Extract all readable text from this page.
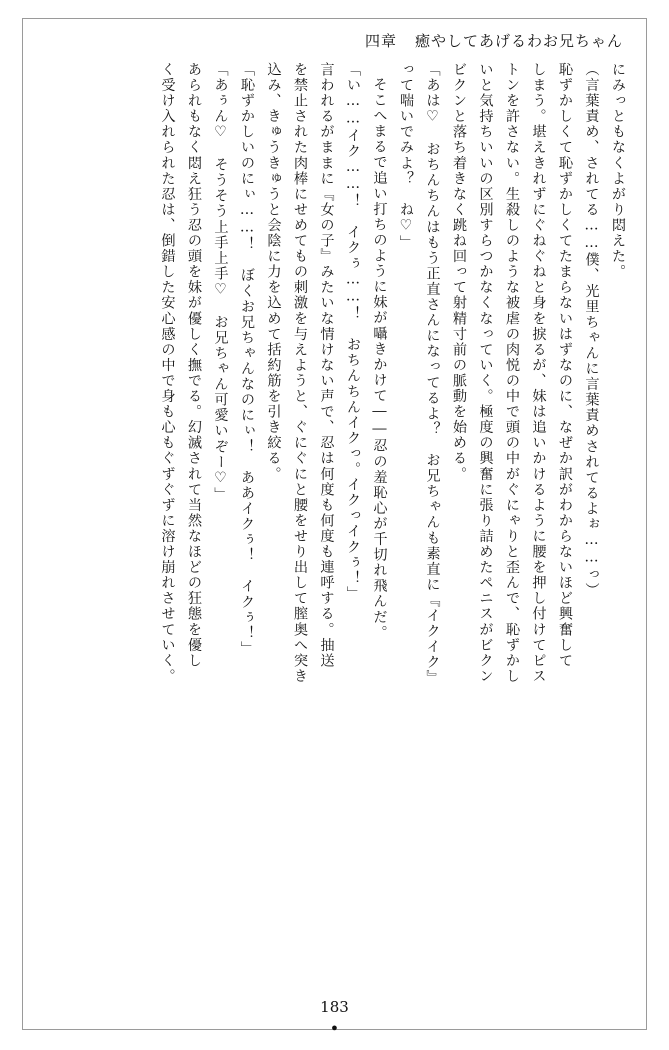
四章 癒やしてあげるわお兄ちゃん
にみっともなくよがり悶えた。
（言葉責め、されてる……僕、光里ちゃんに言葉責めされてるよぉ……っ）
恥ずかしくて恥ずかしくてたまらないはずなのに、なぜか訳がわからないほど興奮して
しまう。堪えきれずにぐねぐねと身を捩るが、妹は追いかけるように腰を押し付けてピス
トンを許さない。生殺しのような被虐の肉悦の中で頭の中がぐにゃりと歪んで、恥ずかし
いと気持ちいいの区別すらつかなくなっていく。極度の興奮に張り詰めたペニスがビクン
ビクンと落ち着きなく跳ね回って射精寸前の脈動を始める。
「あは♡　おちんちんはもう正直さんになってるよ？　お兄ちゃんも素直に『イクイク』
って喘いでみよ？　ね♡」
そこへまるで追い打ちのように妹が囁きかけて――忍の羞恥心が千切れ飛んだ。
「い……イク……！　イクぅ……！　おちんちんイクっ。イクっイクぅ！」
言われるがままに『女の子』みたいな情けない声で、忍は何度も何度も連呼する。抽送
を禁止された肉棒にせめてもの刺激を与えようと、ぐにぐにと腰をせり出して膣奥へ突き
込み、きゅうきゅうと会陰に力を込めて括約筋を引き絞る。
「恥ずかしいのにぃ……！　ぼくお兄ちゃんなのにぃ！　ああイクぅ！　イクぅ！」
「あぅん♡　そうそう上手上手♡　お兄ちゃん可愛いぞー♡」
あられもなく悶え狂う忍の頭を妹が優しく撫でる。幻滅されて当然なほどの狂態を優し
く受け入れられた忍は、倒錯した安心感の中で身も心もぐずぐずに溶け崩れさせていく。
183
●
